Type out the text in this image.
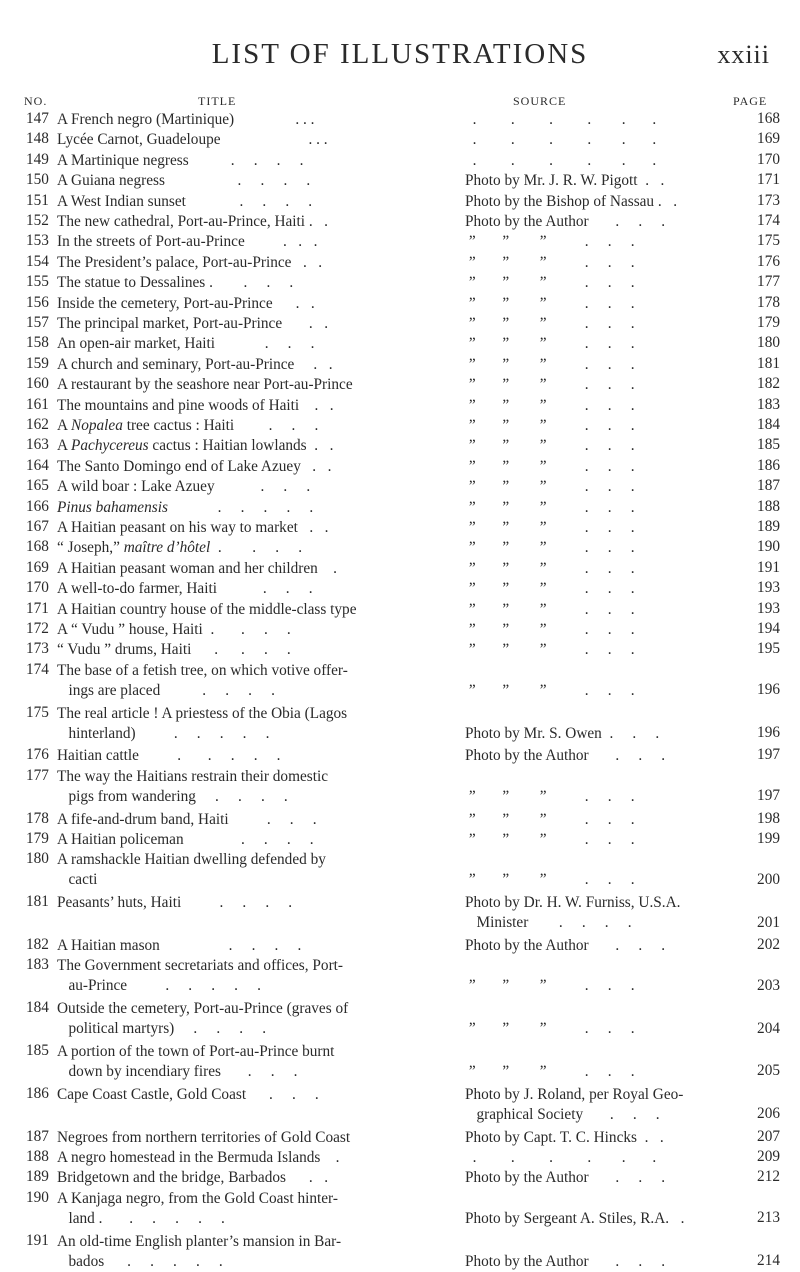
LIST OF ILLUSTRATIONS	xxiii
NO.	TITLE	SOURCE	PAGE
147 A French negro (Martinique)                . . .	.         .         .         .        .       .	168
148 Lycée Carnot, Guadeloupe                       . . .	.         .         .         .        .       .	169
149 A Martinique negress           .     .     .     .	.         .         .         .        .       .	170
150 A Guiana negress                   .     .     .     .	Photo by Mr. J. R. W. Pigott  .   .	171
151 A West Indian sunset              .     .     .     .	Photo by the Bishop of Nassau .   .	173
152 The new cathedral, Port-au-Prince, Haiti .   .	Photo by the Author       .     .     .	174
153 In the streets of Port-au-Prince          .   .   .	”       ”        ”          .     .     .	175
154 The President’s palace, Port-au-Prince   .   .	”       ”        ”          .     .     .	176
155 The statue to Dessalines .        .     .     .	”       ”        ”          .     .     .	177
156 Inside the cemetery, Port-au-Prince      .   .	”       ”        ”          .     .     .	178
157 The principal market, Port-au-Prince       .   .	”       ”        ”          .     .     .	179
158 An open-air market, Haiti             .     .     .	”       ”        ”          .     .     .	180
159 A church and seminary, Port-au-Prince     .   .	”       ”        ”          .     .     .	181
160 A restaurant by the seashore near Port-au-Prince	”       ”        ”          .     .     .	182
161 The mountains and pine woods of Haiti    .   .	”       ”        ”          .     .     .	183
162 A Nopalea tree cactus : Haiti         .     .     .	”       ”        ”          .     .     .	184
163 A Pachycereus cactus : Haitian lowlands  .   .	”       ”        ”          .     .     .	185
164 The Santo Domingo end of Lake Azuey   .   .	”       ”        ”          .     .     .	186
165 A wild boar : Lake Azuey            .     .     .	”       ”        ”          .     .     .	187
166 Pinus bahamensis             .     .     .     .     .	”       ”        ”          .     .     .	188
167 A Haitian peasant on his way to market   .   .	”       ”        ”          .     .     .	189
168 “ Joseph,” maître d’hôtel  .        .     .     .	”       ”        ”          .     .     .	190
169 A Haitian peasant woman and her children    .	”       ”        ”          .     .     .	191
170 A well-to-do farmer, Haiti            .     .     .	”       ”        ”          .     .     .	193
171 A Haitian country house of the middle-class type	”       ”        ”          .     .     .	193
172 A “ Vudu ” house, Haiti  .       .     .     .	”       ”        ”          .     .     .	194
173 “ Vudu ” drums, Haiti      .      .     .     .	”       ”        ”          .     .     .	195
174 The base of a fetish tree, on which votive offer-
ings are placed           .     .     .     .	
”       ”        ”          .     .     .	196
175 The real article ! A priestess of the Obia (Lagos
hinterland)          .     .     .     .     .	
Photo by Mr. S. Owen  .     .     .	196
176 Haitian cattle          .       .     .     .     .	Photo by the Author       .     .     .	197
177 The way the Haitians restrain their domestic
pigs from wandering     .     .     .     .	
”       ”        ”          .     .     .	197
178 A fife-and-drum band, Haiti          .     .     .	”       ”        ”          .     .     .	198
179 A Haitian policeman               .     .     .     .	”       ”        ”          .     .     .	199
180 A ramshackle Haitian dwelling defended by
cacti	
”       ”        ”          .     .     .	200
181 Peasants’ huts, Haiti          .     .     .     .	Photo by Dr. H. W. Furniss, U.S.A.
Minister        .     .     .     .	201
182 A Haitian mason                  .     .     .     .	Photo by the Author       .     .     .	202
183 The Government secretariats and offices, Port-
au-Prince          .     .     .     .     .	
”       ”        ”          .     .     .	203
184 Outside the cemetery, Port-au-Prince (graves of
political martyrs)     .     .     .     .	
”       ”        ”          .     .     .	204
185 A portion of the town of Port-au-Prince burnt
down by incendiary fires       .     .     .	
”       ”        ”          .     .     .	205
186 Cape Coast Castle, Gold Coast      .     .     .	Photo by J. Roland, per Royal Geo-
graphical Society       .     .     .	206
187 Negroes from northern territories of Gold Coast	Photo by Capt. T. C. Hincks  .   .	207
188 A negro homestead in the Bermuda Islands    .	.         .         .         .        .       .	209
189 Bridgetown and the bridge, Barbados      .   .	Photo by the Author       .     .     .	212
190 A Kanjaga negro, from the Gold Coast hinter-
land .       .     .     .     .     .	
Photo by Sergeant A. Stiles, R.A.   .	213
191 An old-time English planter’s mansion in Bar-
bados      .     .     .     .     .	
Photo by the Author       .     .     .	214
